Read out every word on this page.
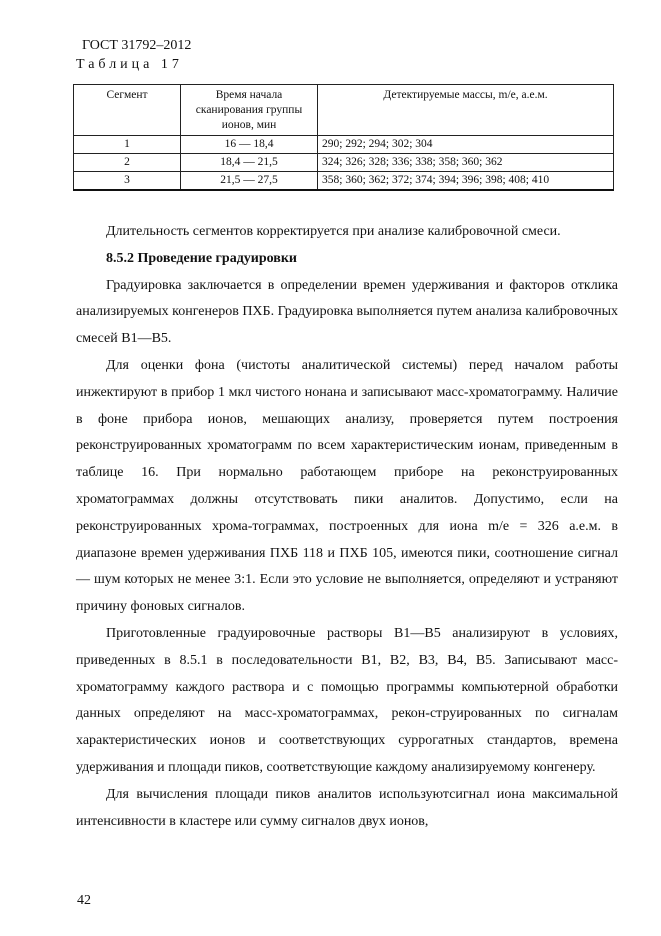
ГОСТ 31792–2012
Таблица 17
Сегмент	Время начала сканирования группы ионов, мин	Детектируемые массы, m/e, а.е.м.
1	16 — 18,4	290; 292; 294; 302; 304
2	18,4 — 21,5	324; 326; 328; 336; 338; 358; 360; 362
3	21,5 — 27,5	358; 360; 362; 372; 374; 394; 396; 398; 408; 410

Длительность сегментов корректируется при анализе калибровочной смеси.

8.5.2 Проведение градуировки

Градуировка заключается в определении времен удерживания и факторов отклика анализируемых конгенеров ПХБ. Градуировка выполняется путем анализа калибровочных смесей В1—В5.

Для оценки фона (чистоты аналитической системы) перед началом работы инжектируют в прибор 1 мкл чистого нонана и записывают масс-хроматограмму. Наличие в фоне прибора ионов, мешающих анализу, проверяется путем построения реконструированных хроматограмм по всем характеристическим ионам, приведенным в таблице 16. При нормально работающем приборе на реконструированных хроматограммах должны отсутствовать пики аналитов. Допустимо, если на реконструированных хрома-тограммах, построенных для иона m/e = 326 а.е.м. в диапазоне времен удерживания ПХБ 118 и ПХБ 105, имеются пики, соотношение сигнал — шум которых не менее 3:1. Если это условие не выполняется, определяют и устраняют причину фоновых сигналов.

Приготовленные градуировочные растворы В1—В5 анализируют в условиях, приведенных в 8.5.1 в последовательности В1, В2, В3, В4, В5. Записывают масс-хроматограмму каждого раствора и с помощью программы компьютерной обработки данных определяют на масс-хроматограммах, рекон-струированных по сигналам характеристических ионов и соответствующих суррогатных стандартов, времена удерживания и площади пиков, соответствующие каждому анализируемому конгенеру.

Для вычисления площади пиков аналитов используютсигнал иона максимальной интенсивности в кластере или сумму сигналов двух ионов,

42
